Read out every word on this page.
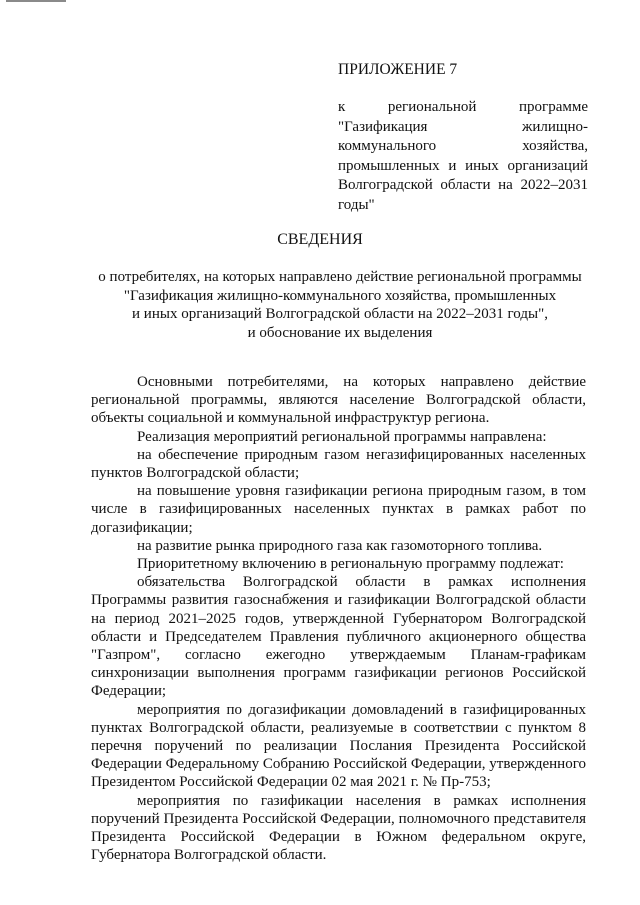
ПРИЛОЖЕНИЕ 7
к региональной программе "Газификация жилищно-коммунального хозяйства, промышленных и иных организаций Волгоградской области на 2022–2031 годы"
СВЕДЕНИЯ
о потребителях, на которых направлено действие региональной программы
"Газификация жилищно-коммунального хозяйства, промышленных
и иных организаций Волгоградской области на 2022–2031 годы",
и обоснование их выделения

Основными потребителями, на которых направлено действие региональной программы, являются население Волгоградской области, объекты социальной и коммунальной инфраструктур региона.

Реализация мероприятий региональной программы направлена:

на обеспечение природным газом негазифицированных населенных пунктов Волгоградской области;

на повышение уровня газификации региона природным газом, в том числе в газифицированных населенных пунктах в рамках работ по догазификации;

на развитие рынка природного газа как газомоторного топлива.

Приоритетному включению в региональную программу подлежат:

обязательства Волгоградской области в рамках исполнения Программы развития газоснабжения и газификации Волгоградской области на период 2021–2025 годов, утвержденной Губернатором Волгоградской области и Председателем Правления публичного акционерного общества "Газпром", согласно ежегодно утверждаемым Планам-графикам синхронизации выполнения программ газификации регионов Российской Федерации;

мероприятия по догазификации домовладений в газифицированных пунктах Волгоградской области, реализуемые в соответствии с пунктом 8 перечня поручений по реализации Послания Президента Российской Федерации Федеральному Собранию Российской Федерации, утвержденного Президентом Российской Федерации 02 мая 2021 г. № Пр-753;

мероприятия по газификации населения в рамках исполнения поручений Президента Российской Федерации, полномочного представителя Президента Российской Федерации в Южном федеральном округе, Губернатора Волгоградской области.
